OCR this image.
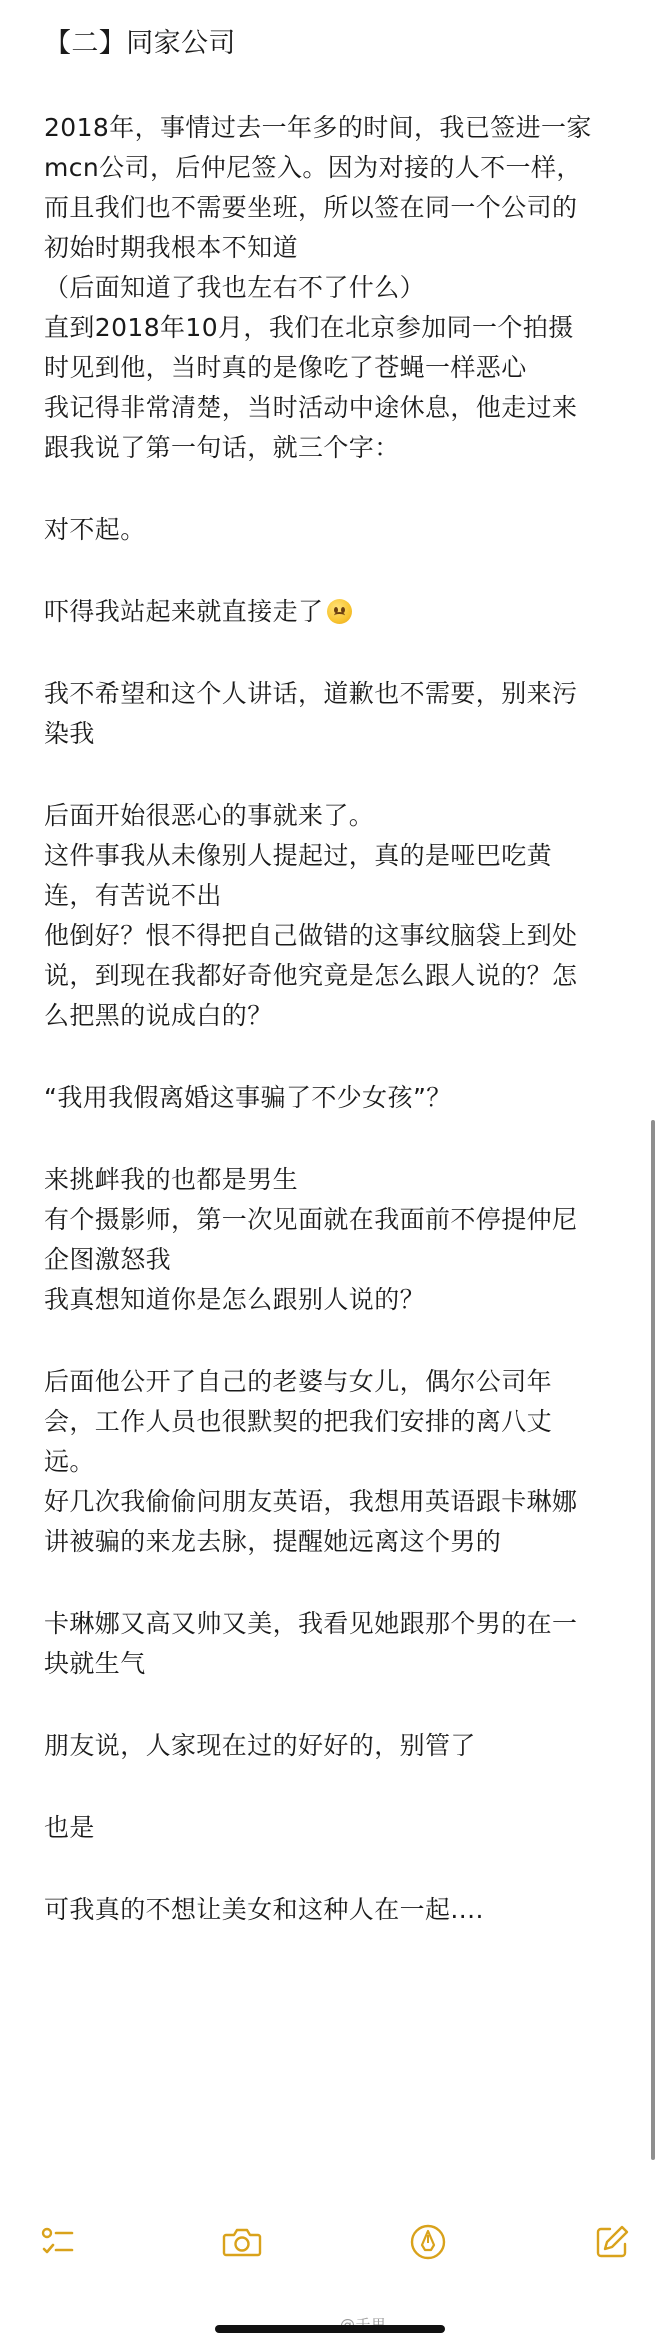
【二】同家公司
2018年，事情过去一年多的时间，我已签进一家
mcn公司，后仲尼签入。因为对接的人不一样，
而且我们也不需要坐班，所以签在同一个公司的
初始时期我根本不知道
（后面知道了我也左右不了什么）
直到2018年10月，我们在北京参加同一个拍摄
时见到他，当时真的是像吃了苍蝇一样恶心
我记得非常清楚，当时活动中途休息，他走过来
跟我说了第一句话，就三个字：
对不起。
吓得我站起来就直接走了
我不希望和这个人讲话，道歉也不需要，别来污
染我
后面开始很恶心的事就来了。
这件事我从未像别人提起过，真的是哑巴吃黄
连，有苦说不出
他倒好？恨不得把自己做错的这事纹脑袋上到处
说，到现在我都好奇他究竟是怎么跟人说的？怎
么把黑的说成白的？
“我用我假离婚这事骗了不少女孩”？
来挑衅我的也都是男生
有个摄影师，第一次见面就在我面前不停提仲尼
企图激怒我
我真想知道你是怎么跟别人说的？
后面他公开了自己的老婆与女儿，偶尔公司年
会，工作人员也很默契的把我们安排的离八丈
远。
好几次我偷偷问朋友英语，我想用英语跟卡琳娜
讲被骗的来龙去脉，提醒她远离这个男的
卡琳娜又高又帅又美，我看见她跟那个男的在一
块就生气
朋友说，人家现在过的好好的，别管了
也是
可我真的不想让美女和这种人在一起....
